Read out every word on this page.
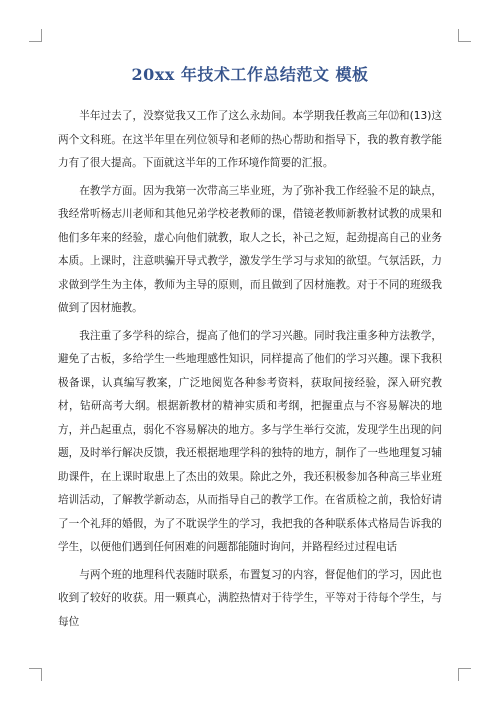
20xx 年技术工作总结范文 模板

半年过去了，没察觉我又工作了这么永劫间。本学期我任教高三年⑿和(13)这两个文科班。在这半年里在列位领导和老师的热心帮助和指导下，我的教育教学能力有了很大提高。下面就这半年的工作环境作简要的汇报。

在教学方面。因为我第一次带高三毕业班，为了弥补我工作经验不足的缺点，我经常听杨志川老师和其他兄弟学校老教师的课，借镜老教师新教材试教的成果和他们多年来的经验，虚心向他们就教，取人之长，补己之短，起劲提高自己的业务本质。上课时，注意哄骗开导式教学，激发学生学习与求知的欲望。气氛活跃，力求做到学生为主体，教师为主导的原则，而且做到了因材施教。对于不同的班级我做到了因材施教。

我注重了多学科的综合，提高了他们的学习兴趣。同时我注重多种方法教学，避免了古板，多给学生一些地理感性知识，同样提高了他们的学习兴趣。课下我积极备课，认真编写教案，广泛地阅览各种参考资料，获取间接经验，深入研究教材，钻研高考大纲。根据新教材的精神实质和考纲，把握重点与不容易解决的地方，并凸起重点，弱化不容易解决的地方。多与学生举行交流，发现学生出现的问题，及时举行解决反馈，我还根据地理学科的独特的地方，制作了一些地理复习辅助课件，在上课时取患上了杰出的效果。除此之外，我还积极参加各种高三毕业班培训活动，了解教学新动态，从而指导自己的教学工作。在省质检之前，我恰好请了一个礼拜的婚假，为了不耽误学生的学习，我把我的各种联系体式格局告诉我的学生，以便他们遇到任何困难的问题都能随时询问，并路程经过过程电话

与两个班的地理科代表随时联系，布置复习的内容，督促他们的学习，因此也收到了较好的收获。用一颗真心，满腔热情对于待学生，平等对于待每个学生，与每位
